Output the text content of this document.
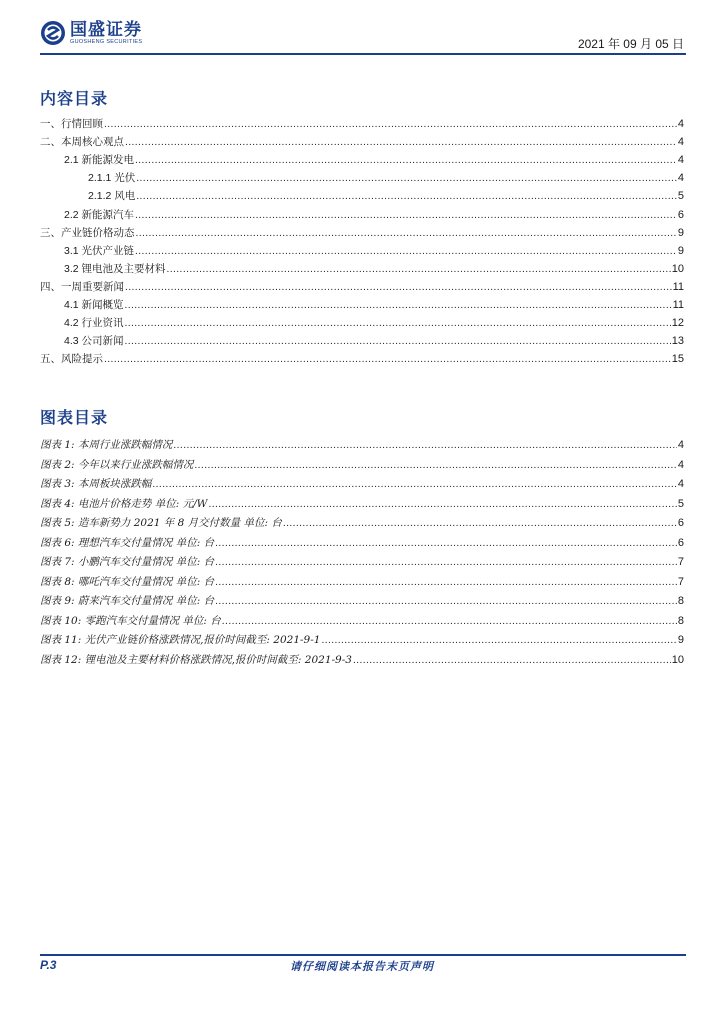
国盛证券
GUOSHENG SECURITIES	2021 年 09 月 05 日
内容目录
一、行情回顾 .....	4
二、本周核心观点 .....	4
2.1 新能源发电 .....	4
2.1.1 光伏 .....	4
2.1.2 风电 .....	5
2.2 新能源汽车 .....	6
三、产业链价格动态 .....	9
3.1 光伏产业链 .....	9
3.2 锂电池及主要材料 .....	10
四、一周重要新闻 .....	11
4.1 新闻概览 .....	11
4.2 行业资讯 .....	12
4.3 公司新闻 .....	13
五、风险提示 .....	15
图表目录
图表 1: 本周行业涨跌幅情况 .....	4
图表 2: 今年以来行业涨跌幅情况 .....	4
图表 3: 本周板块涨跌幅 .....	4
图表 4: 电池片价格走势 单位: 元/W .....	5
图表 5: 造车新势力 2021 年 8 月交付数量 单位: 台 .....	6
图表 6: 理想汽车交付量情况 单位: 台 .....	6
图表 7: 小鹏汽车交付量情况 单位: 台 .....	7
图表 8: 哪吒汽车交付量情况 单位: 台 .....	7
图表 9: 蔚来汽车交付量情况 单位: 台 .....	8
图表 10: 零跑汽车交付量情况 单位: 台 .....	8
图表 11: 光伏产业链价格涨跌情况,报价时间截至: 2021-9-1 .....	9
图表 12: 锂电池及主要材料价格涨跌情况,报价时间截至: 2021-9-3 .....	10
P.3	请仔细阅读本报告末页声明
